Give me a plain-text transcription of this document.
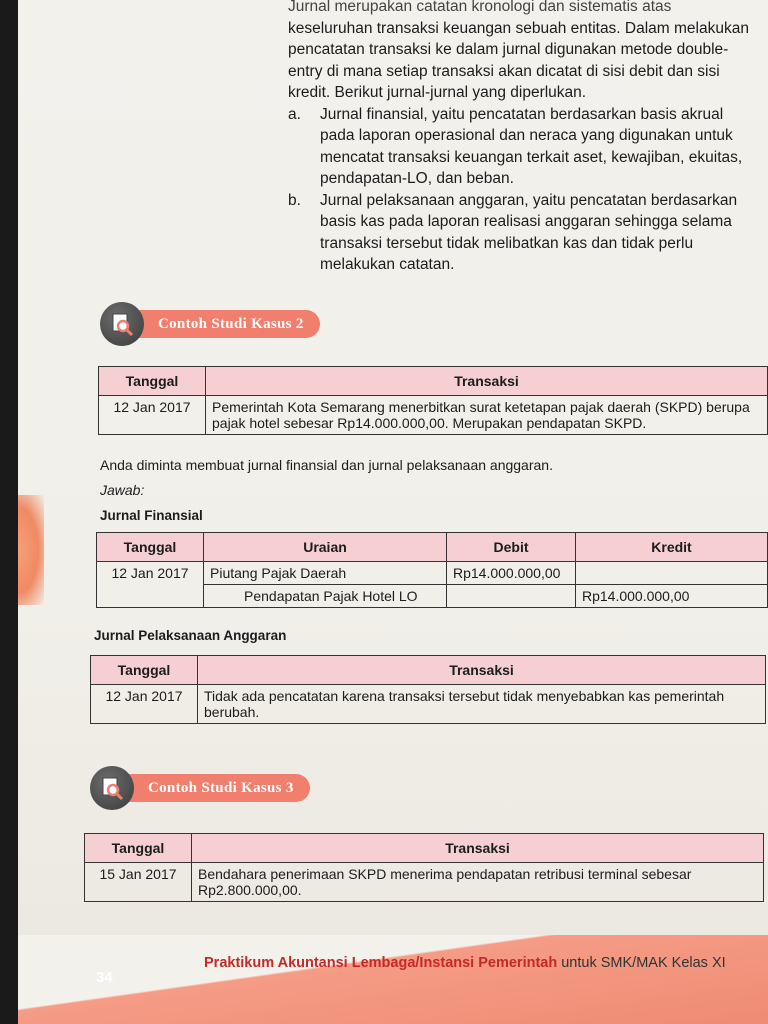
Jurnal merupakan catatan kronologi dan sistematis atas

keseluruhan transaksi keuangan sebuah entitas. Dalam melakukan

pencatatan transaksi ke dalam jurnal digunakan metode double-

entry di mana setiap transaksi akan dicatat di sisi debit dan sisi

kredit. Berikut jurnal-jurnal yang diperlukan.

a.	Jurnal finansial, yaitu pencatatan berdasarkan basis akrual pada laporan operasional dan neraca yang digunakan untuk mencatat transaksi keuangan terkait aset, kewajiban, ekuitas, pendapatan-LO, dan beban.
b.	Jurnal pelaksanaan anggaran, yaitu pencatatan berdasarkan basis kas pada laporan realisasi anggaran sehingga selama transaksi tersebut tidak melibatkan kas dan tidak perlu melakukan catatan.
Contoh Studi Kasus 2
Tanggal	Transaksi
12 Jan 2017	Pemerintah Kota Semarang menerbitkan surat ketetapan pajak daerah (SKPD) berupa pajak hotel sebesar Rp14.000.000,00. Merupakan pendapatan SKPD.
Anda diminta membuat jurnal finansial dan jurnal pelaksanaan anggaran.
Jawab:
Jurnal Finansial
Tanggal	Uraian	Debit	Kredit
12 Jan 2017	Piutang Pajak Daerah	Rp14.000.000,00	
	Pendapatan Pajak Hotel LO		Rp14.000.000,00
Jurnal Pelaksanaan Anggaran
Tanggal	Transaksi
12 Jan 2017	Tidak ada pencatatan karena transaksi tersebut tidak menyebabkan kas pemerintah berubah.
Contoh Studi Kasus 3
Tanggal	Transaksi
15 Jan 2017	Bendahara penerimaan SKPD menerima pendapatan retribusi terminal sebesar Rp2.800.000,00.
34
Praktikum Akuntansi Lembaga/Instansi Pemerintah untuk SMK/MAK Kelas XI
